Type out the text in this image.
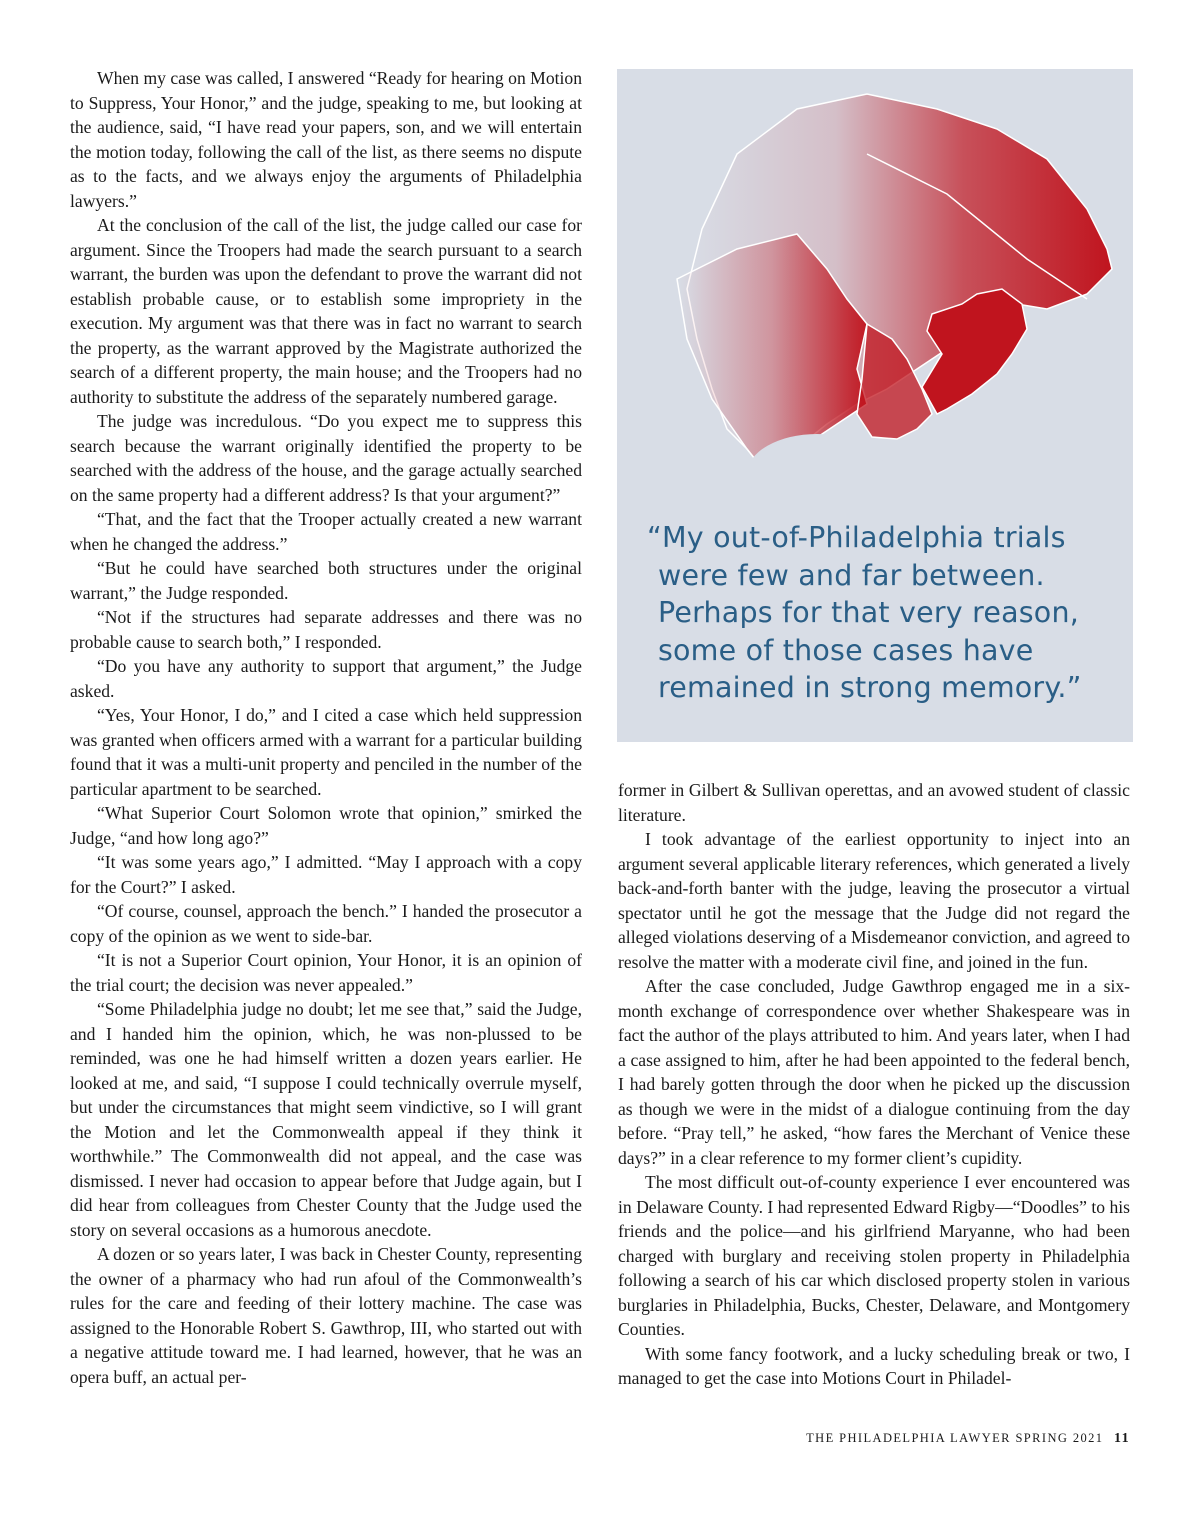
When my case was called, I answered “Ready for hearing on Motion to Suppress, Your Honor,” and the judge, speaking to me, but looking at the audience, said, “I have read your papers, son, and we will entertain the motion today, following the call of the list, as there seems no dispute as to the facts, and we always enjoy the arguments of Philadelphia lawyers.”

At the conclusion of the call of the list, the judge called our case for argument. Since the Troopers had made the search pursuant to a search warrant, the burden was upon the defendant to prove the warrant did not establish probable cause, or to establish some impropriety in the execution. My argument was that there was in fact no warrant to search the property, as the warrant approved by the Magistrate authorized the search of a different property, the main house; and the Troopers had no authority to substitute the address of the separately numbered garage.

The judge was incredulous. “Do you expect me to suppress this search because the warrant originally identified the property to be searched with the address of the house, and the garage actually searched on the same property had a different address? Is that your argument?”

“That, and the fact that the Trooper actually created a new warrant when he changed the address.”

“But he could have searched both structures under the original warrant,” the Judge responded.

“Not if the structures had separate addresses and there was no probable cause to search both,” I responded.

“Do you have any authority to support that argument,” the Judge asked.

“Yes, Your Honor, I do,” and I cited a case which held suppression was granted when officers armed with a warrant for a particular building found that it was a multi-unit property and penciled in the number of the particular apartment to be searched.

“What Superior Court Solomon wrote that opinion,” smirked the Judge, “and how long ago?”

“It was some years ago,” I admitted. “May I approach with a copy for the Court?” I asked.

“Of course, counsel, approach the bench.” I handed the prosecutor a copy of the opinion as we went to side-bar.

“It is not a Superior Court opinion, Your Honor, it is an opinion of the trial court; the decision was never appealed.”

“Some Philadelphia judge no doubt; let me see that,” said the Judge, and I handed him the opinion, which, he was non-plussed to be reminded, was one he had himself written a dozen years earlier. He looked at me, and said, “I suppose I could technically overrule myself, but under the circumstances that might seem vindictive, so I will grant the Motion and let the Commonwealth appeal if they think it worthwhile.” The Commonwealth did not appeal, and the case was dismissed. I never had occasion to appear before that Judge again, but I did hear from colleagues from Chester County that the Judge used the story on several occasions as a humorous anecdote.

A dozen or so years later, I was back in Chester County, representing the owner of a pharmacy who had run afoul of the Commonwealth’s rules for the care and feeding of their lottery machine. The case was assigned to the Honorable Robert S. Gawthrop, III, who started out with a negative attitude toward me. I had learned, however, that he was an opera buff, an actual per-

“My out-of-Philadelphia trials
were few and far between.
Perhaps for that very reason,
some of those cases have
remained in strong memory.”

former in Gilbert & Sullivan operettas, and an avowed student of classic literature.

I took advantage of the earliest opportunity to inject into an argument several applicable literary references, which generated a lively back-and-forth banter with the judge, leaving the prosecutor a virtual spectator until he got the message that the Judge did not regard the alleged violations deserving of a Misdemeanor conviction, and agreed to resolve the matter with a moderate civil fine, and joined in the fun.

After the case concluded, Judge Gawthrop engaged me in a six-month exchange of correspondence over whether Shakespeare was in fact the author of the plays attributed to him. And years later, when I had a case assigned to him, after he had been appointed to the federal bench, I had barely gotten through the door when he picked up the discussion as though we were in the midst of a dialogue continuing from the day before. “Pray tell,” he asked, “how fares the Merchant of Venice these days?” in a clear reference to my former client’s cupidity.

The most difficult out-of-county experience I ever encountered was in Delaware County. I had represented Edward Rigby—“Doodles” to his friends and the police—and his girlfriend Maryanne, who had been charged with burglary and receiving stolen property in Philadelphia following a search of his car which disclosed property stolen in various burglaries in Philadelphia, Bucks, Chester, Delaware, and Montgomery Counties.

With some fancy footwork, and a lucky scheduling break or two, I managed to get the case into Motions Court in Philadel-

THE PHILADELPHIA LAWYER SPRING 2021 11
